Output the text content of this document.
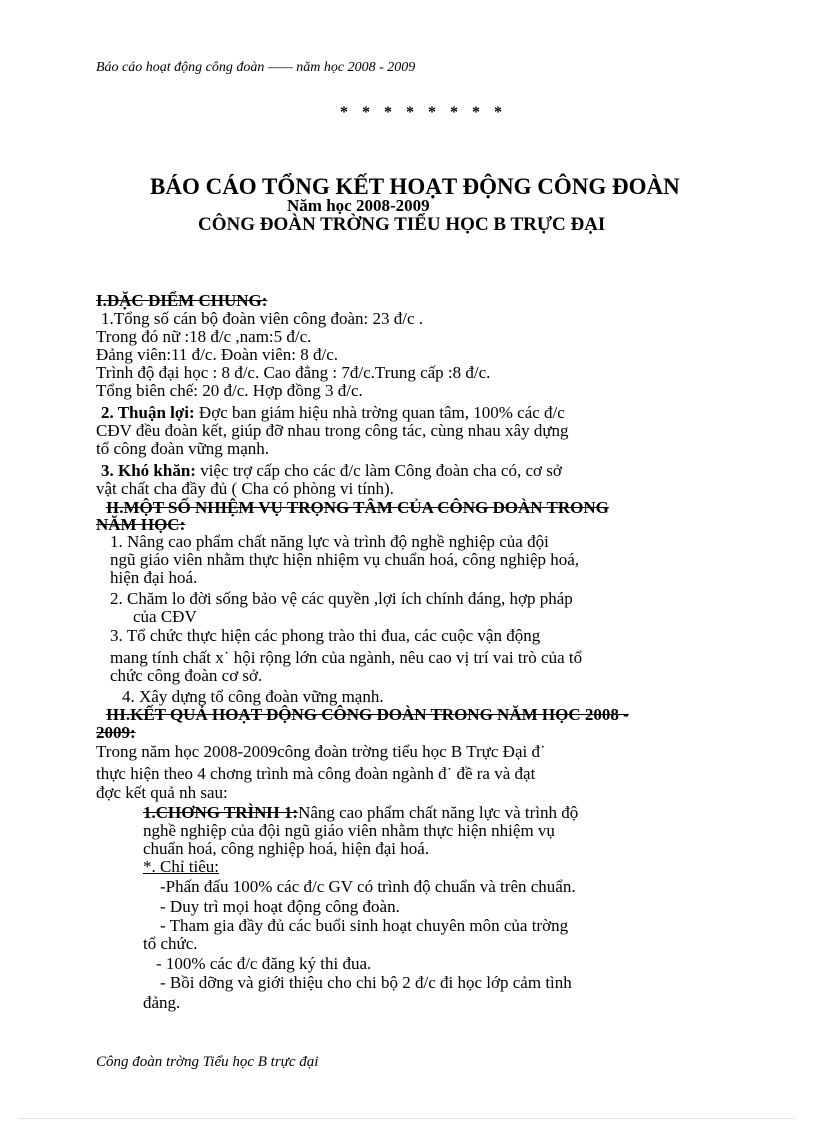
Báo cáo hoạt động công đoàn —— năm học 2008 - 2009
* * * * * * * *
BÁO CÁO TỔNG KẾT HOẠT ĐỘNG CÔNG ĐOÀN
Năm học 2008-2009
CÔNG ĐOÀN TRỜNG TIỂU HỌC B TRỰC ĐẠI
I.ĐẶC ĐIỂM CHUNG:
1.Tổng số cán bộ đoàn viên công đoàn: 23 đ/c .
Trong đó nữ :18 đ/c ,nam:5 đ/c.
Đảng viên:11 đ/c. Đoàn viên: 8 đ/c.
Trình độ đại học : 8 đ/c. Cao đẳng : 7đ/c.Trung cấp :8 đ/c.
Tổng biên chế: 20 đ/c. Hợp đồng 3 đ/c.
2. Thuận lợi: Đợc ban giám hiệu nhà trờng quan tâm, 100% các đ/c
CĐV đều đoàn kết, giúp đỡ nhau trong công tác, cùng nhau xây dựng
tổ công đoàn vững mạnh.
3. Khó khăn: việc trợ cấp cho các đ/c làm Công đoàn cha có, cơ sở
vật chất cha đầy đủ ( Cha có phòng vi tính).
II.MỘT SỐ NHIỆM VỤ TRỌNG TÂM CỦA CÔNG ĐOÀN TRONG
NĂM HỌC:
1. Nâng cao phẩm chất năng lực và trình độ nghề nghiệp của đội
ngũ giáo viên nhằm thực hiện nhiệm vụ chuẩn hoá, công nghiệp hoá,
hiện đại hoá.
2. Chăm lo đời sống bảo vệ các quyền ,lợi ích chính đáng, hợp pháp
của CĐV
3. Tổ chức thực hiện các phong trào thi đua, các cuộc vận động
mang tính chất x˙ hội rộng lớn của ngành, nêu cao vị trí vai trò của tổ
chức công đoàn cơ sở.
4. Xây dựng tổ công đoàn vững mạnh.
III.KẾT QUẢ HOẠT ĐỘNG CÔNG ĐOÀN TRONG NĂM HỌC 2008 -
2009:
Trong năm học 2008-2009công đoàn trờng tiểu học B Trực Đại đ˙
thực hiện theo 4 chơng trình mà công đoàn ngành đ˙ đề ra và đạt
đợc kết quả nh sau:
1.CHƠNG TRÌNH 1:Nâng cao phẩm chất năng lực và trình độ
nghề nghiệp của đội ngũ giáo viên nhằm thực hiện nhiệm vụ
chuẩn hoá, công nghiệp hoá, hiện đại hoá.
*. Chỉ tiêu:
-Phấn đấu 100% các đ/c GV có trình độ chuẩn và trên chuẩn.
- Duy trì mọi hoạt động công đoàn.
- Tham gia đầy đủ các buổi sinh hoạt chuyên môn của trờng
tổ chức.
- 100% các đ/c đăng ký thi đua.
- Bồi dỡng và giới thiệu cho chi bộ 2 đ/c đi học lớp cảm tình
đảng.
Công đoàn trờng Tiểu học B trực đại
